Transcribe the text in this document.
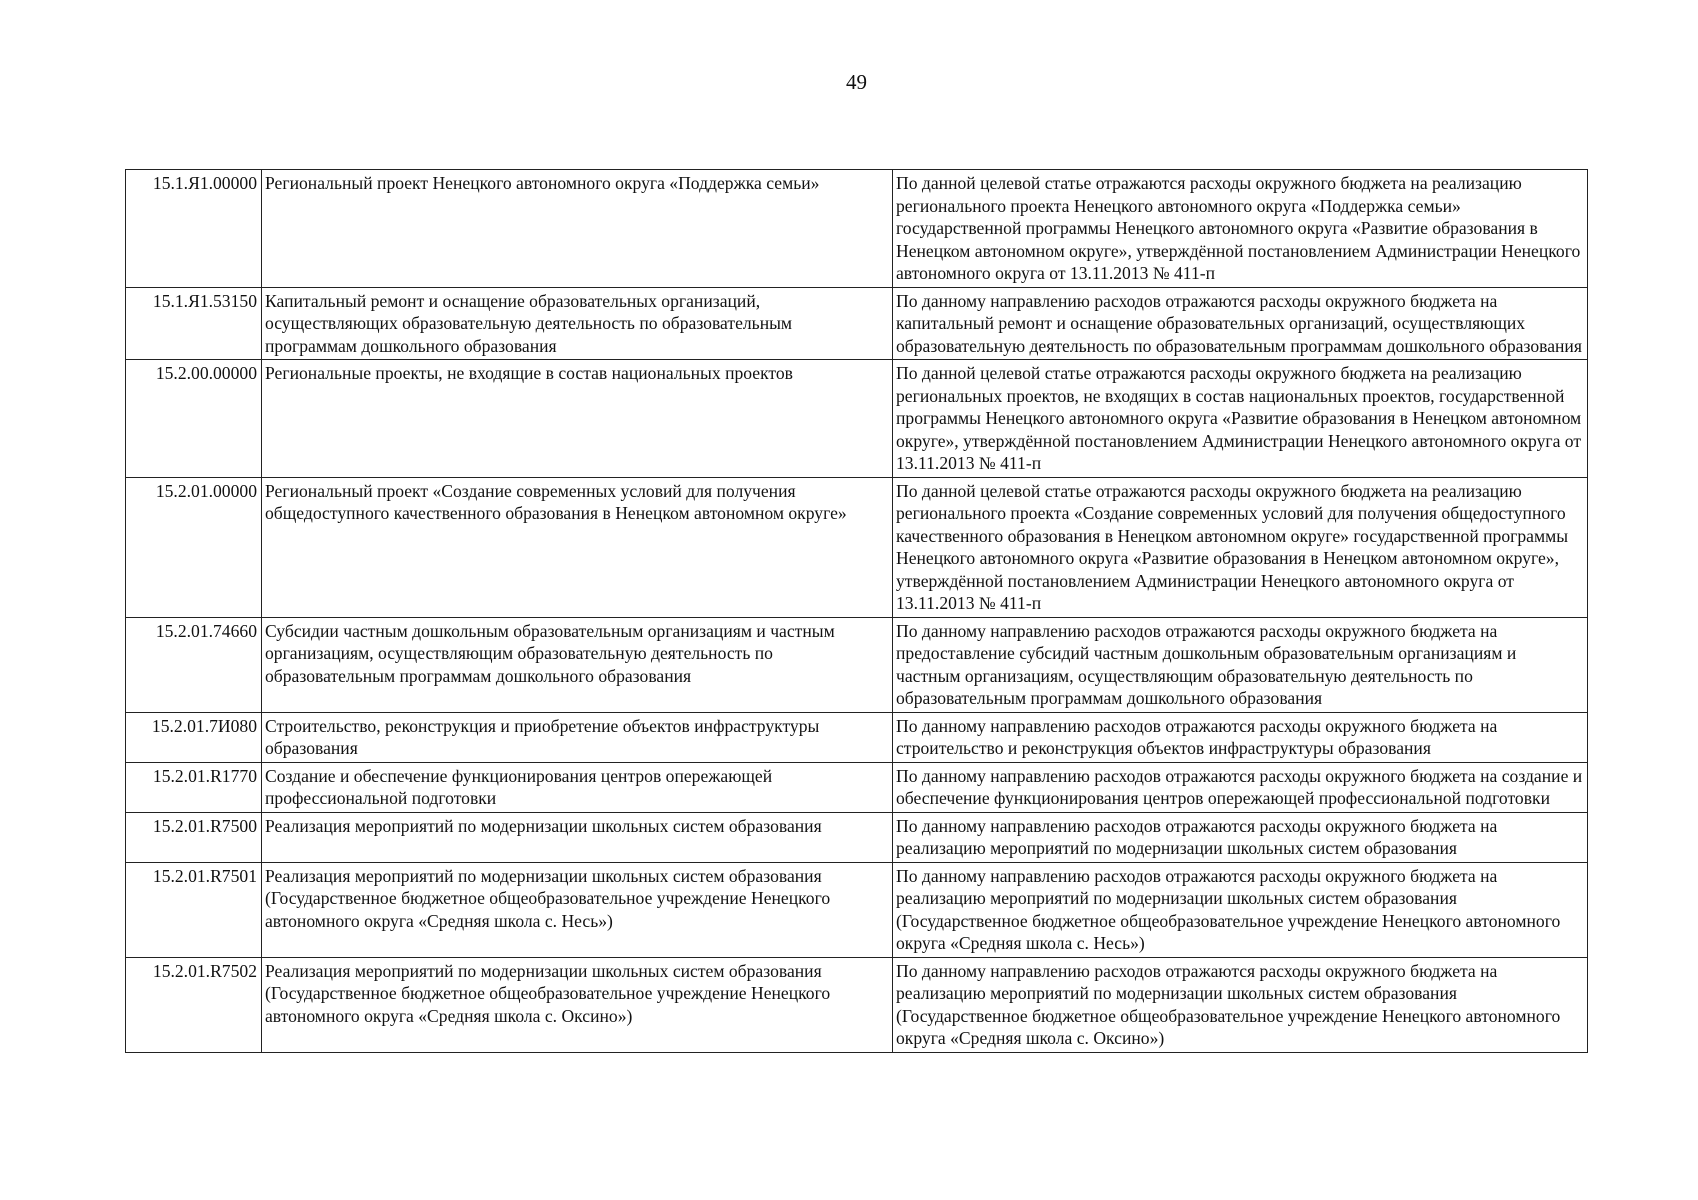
49
15.1.Я1.00000	Региональный проект Ненецкого автономного округа «Поддержка семьи»	По данной целевой статье отражаются расходы окружного бюджета на реализацию регионального проекта Ненецкого автономного округа «Поддержка семьи» государственной программы Ненецкого автономного округа «Развитие образования в Ненецком автономном округе», утверждённой постановлением Администрации Ненецкого автономного округа от 13.11.2013 № 411-п
15.1.Я1.53150	Капитальный ремонт и оснащение образовательных организаций, осуществляющих образовательную деятельность по образовательным программам дошкольного образования	По данному направлению расходов отражаются расходы окружного бюджета на капитальный ремонт и оснащение образовательных организаций, осуществляющих образовательную деятельность по образовательным программам дошкольного образования
15.2.00.00000	Региональные проекты, не входящие в состав национальных проектов	По данной целевой статье отражаются расходы окружного бюджета на реализацию региональных проектов, не входящих в состав национальных проектов, государственной программы Ненецкого автономного округа «Развитие образования в Ненецком автономном округе», утверждённой постановлением Администрации Ненецкого автономного округа от 13.11.2013 № 411-п
15.2.01.00000	Региональный проект «Создание современных условий для получения общедоступного качественного образования в Ненецком автономном округе»	По данной целевой статье отражаются расходы окружного бюджета на реализацию регионального проекта «Создание современных условий для получения общедоступного качественного образования в Ненецком автономном округе» государственной программы Ненецкого автономного округа «Развитие образования в Ненецком автономном округе», утверждённой постановлением Администрации Ненецкого автономного округа от 13.11.2013 № 411-п
15.2.01.74660	Субсидии частным дошкольным образовательным организациям и частным организациям, осуществляющим образовательную деятельность по образовательным программам дошкольного образования	По данному направлению расходов отражаются расходы окружного бюджета на предоставление субсидий частным дошкольным образовательным организациям и частным организациям, осуществляющим образовательную деятельность по образовательным программам дошкольного образования
15.2.01.7И080	Строительство, реконструкция и приобретение объектов инфраструктуры образования	По данному направлению расходов отражаются расходы окружного бюджета на строительство и реконструкция объектов инфраструктуры образования
15.2.01.R1770	Создание и обеспечение функционирования центров опережающей профессиональной подготовки	По данному направлению расходов отражаются расходы окружного бюджета на создание и обеспечение функционирования центров опережающей профессиональной подготовки
15.2.01.R7500	Реализация мероприятий по модернизации школьных систем образования	По данному направлению расходов отражаются расходы окружного бюджета на реализацию мероприятий по модернизации школьных систем образования
15.2.01.R7501	Реализация мероприятий по модернизации школьных систем образования (Государственное бюджетное общеобразовательное учреждение Ненецкого автономного округа «Средняя школа с. Несь»)	По данному направлению расходов отражаются расходы окружного бюджета на реализацию мероприятий по модернизации школьных систем образования (Государственное бюджетное общеобразовательное учреждение Ненецкого автономного округа «Средняя школа с. Несь»)
15.2.01.R7502	Реализация мероприятий по модернизации школьных систем образования (Государственное бюджетное общеобразовательное учреждение Ненецкого автономного округа «Средняя школа с. Оксино»)	По данному направлению расходов отражаются расходы окружного бюджета на реализацию мероприятий по модернизации школьных систем образования (Государственное бюджетное общеобразовательное учреждение Ненецкого автономного округа «Средняя школа с. Оксино»)
